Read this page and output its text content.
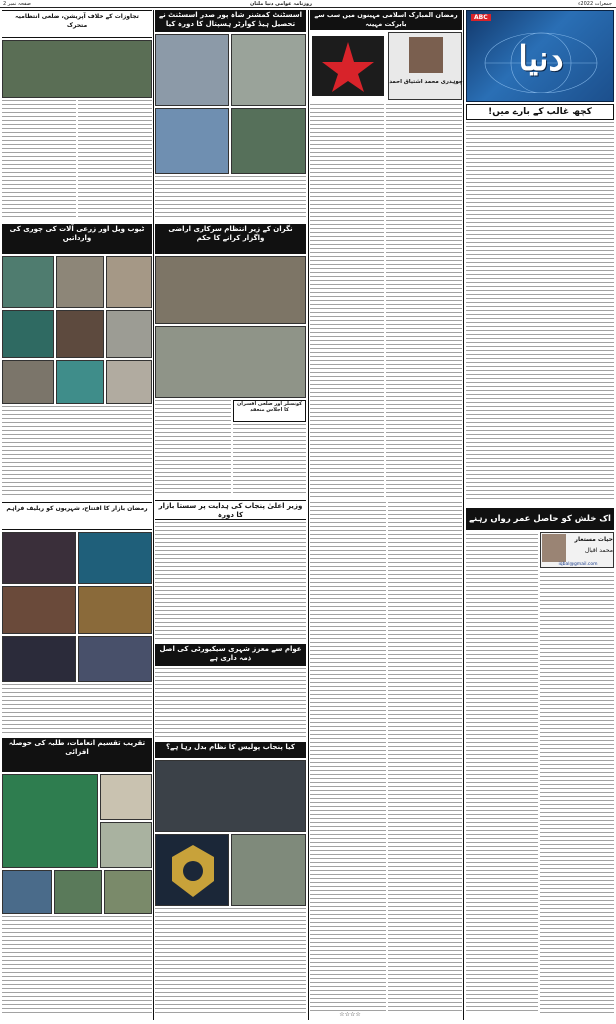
صفحہ نمبر 2	روزنامہ عوامی دنیا ملتان	جمعرات 2022ء
ABC
دنیا
کچھ غالب کے بارے میں!
اک خلش کو حاصل عمر رواں رہنے
حیات مستعار
محمد اقبال
iqbal@gmail.com
رمضان المبارک اسلامی مہینوں میں سب سے بابرکت مہینہ
چوہدری محمد اشتیاق احمد
☆☆☆☆
اسسٹنٹ کمشنر شاہ پور صدر اسسٹنٹ نے تحصیل ہیڈ کوارٹر ہسپتال کا دورہ کیا
نگران کے زیر انتظام سرکاری اراضی واگزار کرانے کا حکم
کونسلر اور ضلعی افسران کا اجلاس منعقد
وزیر اعلیٰ پنجاب کی ہدایت پر سستا بازار کا دورہ
عوام سے معزز شہری سیکیورٹی کی اصل ذمہ داری ہے
کیا پنجاب پولیس کا نظام بدل رہا ہے؟
تجاوزات کے خلاف آپریشن، ضلعی انتظامیہ متحرک
ٹیوب ویل اور زرعی آلات کی چوری کی وارداتیں
رمضان بازار کا افتتاح، شہریوں کو ریلیف فراہم
تقریب تقسیم انعامات، طلبہ کی حوصلہ افزائی
